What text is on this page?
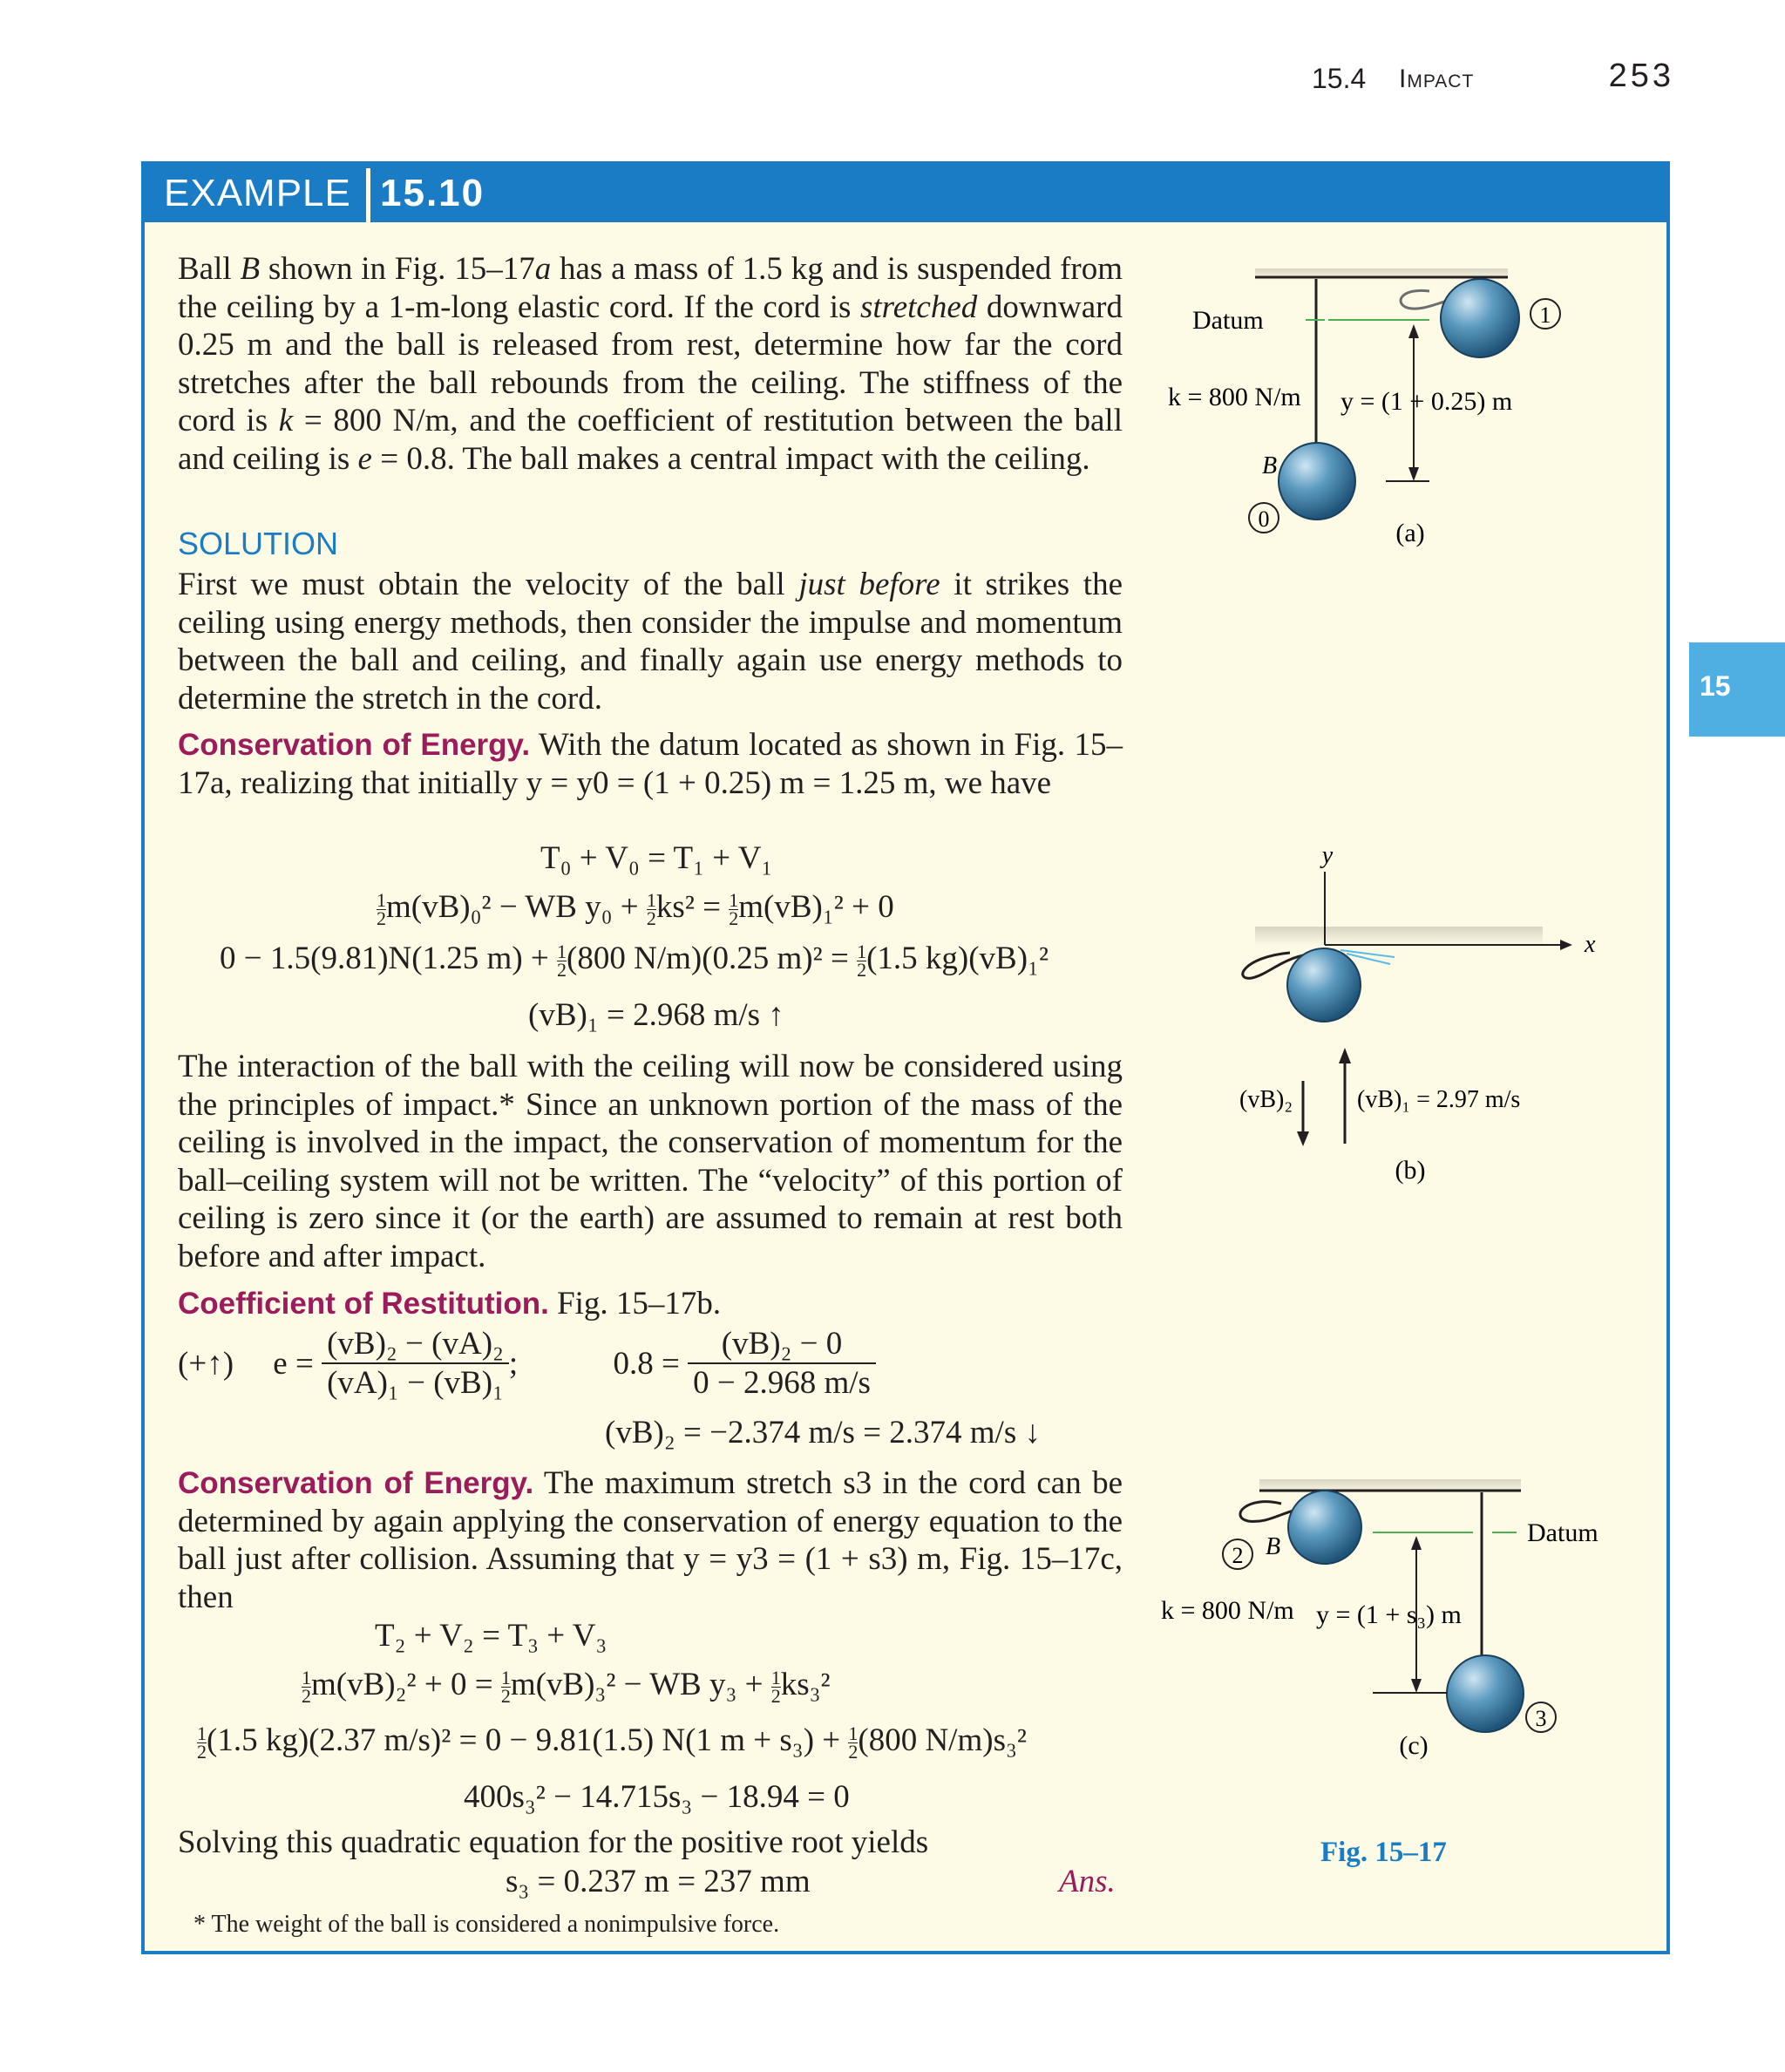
15.4 Impact	253
15
EXAMPLE 15.10
Ball B shown in Fig. 15–17a has a mass of 1.5 kg and is suspended from the ceiling by a 1-m-long elastic cord. If the cord is stretched downward 0.25 m and the ball is released from rest, determine how far the cord stretches after the ball rebounds from the ceiling. The stiffness of the cord is k = 800 N/m, and the coefficient of restitution between the ball and ceiling is e = 0.8. The ball makes a central impact with the ceiling.
SOLUTION
First we must obtain the velocity of the ball just before it strikes the ceiling using energy methods, then consider the impulse and momentum between the ball and ceiling, and finally again use energy methods to determine the stretch in the cord.
Conservation of Energy. With the datum located as shown in Fig. 15–17a, realizing that initially y = y0 = (1 + 0.25) m = 1.25 m, we have
T₀ + V₀ = T₁ + V₁
$\frac{1}{2} m(vB)_0^2$ − WB $y_0 + \frac{1}{2} ks^2 = \frac{1}{2} m(vB)_1^2 + 0$
0 − 1.5(9.81)N(1.25 $m) + \frac{1}{2} (800$ N/m)(0.25 $m)^2 = \frac{1}{2} (1.5$ kg)(vB)₁²
(vB)₁ = 2.968 m/s ↑
The interaction of the ball with the ceiling will now be considered using the principles of impact.* Since an unknown portion of the mass of the ceiling is involved in the impact, the conservation of momentum for the ball–ceiling system will not be written. The “velocity” of this portion of ceiling is zero since it (or the earth) are assumed to remain at rest both before and after impact.
Coefficient of Restitution. Fig. 15–17b.
(+↑) $e = \frac{\text{(vB)₂ − (vA)₂}}{\text{(vA)₁ − (vB)₁}}$ ;	$0.8 = \frac{\text{(vB)₂ − 0}}{0 - 2.968 m/s}$
(vB)₂ = −2.374 m/s = 2.374 m/s ↓
Conservation of Energy. The maximum stretch s3 in the cord can be determined by again applying the conservation of energy equation to the ball just after collision. Assuming that y = y3 = (1 + s3) m, Fig. 15–17c, then
T₂ + V₂ = T₃ + V₃
$\frac{1}{2} m(vB)_2^2 + 0 = \frac{1}{2} m(vB)_3^2$ − WB $y_3 + \frac{1}{2} ks_3^2$
$\frac{1}{2} (1.5$ kg)(2.37 m/s)² = 0 − 9.81(1.5) N(1 $m + s_3) + \frac{1}{2} (800$ N/m)s₃²
400s₃² − 14.715s₃ − 18.94 = 0
Solving this quadratic equation for the positive root yields
s₃ = 0.237 m = 237 mm	Ans.
* The weight of the ball is considered a nonimpulsive force.
1
0
Datum
k = 800 N/m y = (1 + 0.25) m
B
(a)
y
x
(vB)₂	(vB)₁ = 2.97 m/s
(b)
2
3
B	Datum
k = 800 N/m y = (1 + s₃) m
(c)
Fig. 15–17
